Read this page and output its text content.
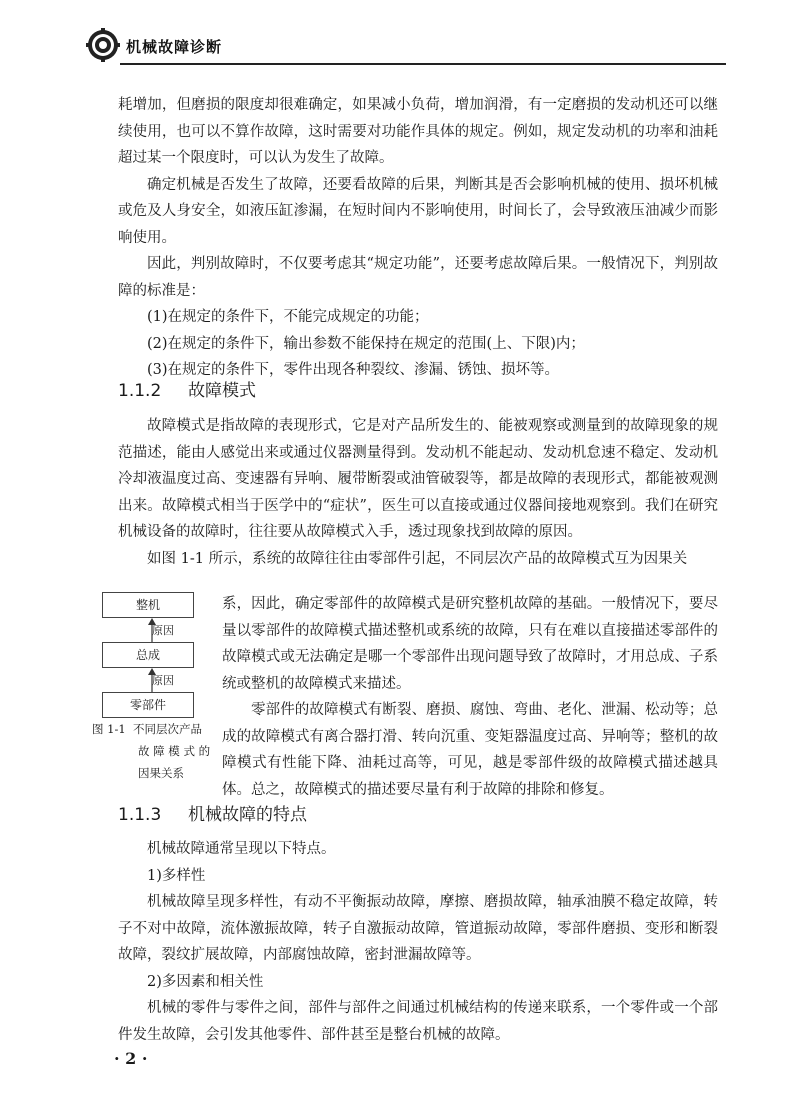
机械故障诊断

耗增加，但磨损的限度却很难确定，如果减小负荷，增加润滑，有一定磨损的发动机还可以继续使用，也可以不算作故障，这时需要对功能作具体的规定。例如，规定发动机的功率和油耗超过某一个限度时，可以认为发生了故障。

确定机械是否发生了故障，还要看故障的后果，判断其是否会影响机械的使用、损坏机械或危及人身安全，如液压缸渗漏，在短时间内不影响使用，时间长了，会导致液压油减少而影响使用。

因此，判别故障时，不仅要考虑其“规定功能”，还要考虑故障后果。一般情况下，判别故障的标准是：

(1)在规定的条件下，不能完成规定的功能；

(2)在规定的条件下，输出参数不能保持在规定的范围(上、下限)内；

(3)在规定的条件下，零件出现各种裂纹、渗漏、锈蚀、损坏等。

1.1.2 故障模式

故障模式是指故障的表现形式，它是对产品所发生的、能被观察或测量到的故障现象的规范描述，能由人感觉出来或通过仪器测量得到。发动机不能起动、发动机怠速不稳定、发动机冷却液温度过高、变速器有异响、履带断裂或油管破裂等，都是故障的表现形式，都能被观测出来。故障模式相当于医学中的“症状”，医生可以直接或通过仪器间接地观察到。我们在研究机械设备的故障时，往往要从故障模式入手，透过现象找到故障的原因。

如图 1-1 所示，系统的故障往往由零部件引起，不同层次产品的故障模式互为因果关

整机
原因
总成
原因
零部件
图 1-1 不同层次产品
故 障 模 式 的
因果关系

系，因此，确定零部件的故障模式是研究整机故障的基础。一般情况下，要尽量以零部件的故障模式描述整机或系统的故障，只有在难以直接描述零部件的故障模式或无法确定是哪一个零部件出现问题导致了故障时，才用总成、子系统或整机的故障模式来描述。

零部件的故障模式有断裂、磨损、腐蚀、弯曲、老化、泄漏、松动等；总成的故障模式有离合器打滑、转向沉重、变矩器温度过高、异响等；整机的故障模式有性能下降、油耗过高等，可见，越是零部件级的故障模式描述越具体。总之，故障模式的描述要尽量有利于故障的排除和修复。

1.1.3 机械故障的特点

机械故障通常呈现以下特点。

1)多样性

机械故障呈现多样性，有动不平衡振动故障，摩擦、磨损故障，轴承油膜不稳定故障，转子不对中故障，流体激振故障，转子自激振动故障，管道振动故障，零部件磨损、变形和断裂故障，裂纹扩展故障，内部腐蚀故障，密封泄漏故障等。

2)多因素和相关性

机械的零件与零件之间，部件与部件之间通过机械结构的传递来联系，一个零件或一个部件发生故障，会引发其他零件、部件甚至是整台机械的故障。

· 2 ·
